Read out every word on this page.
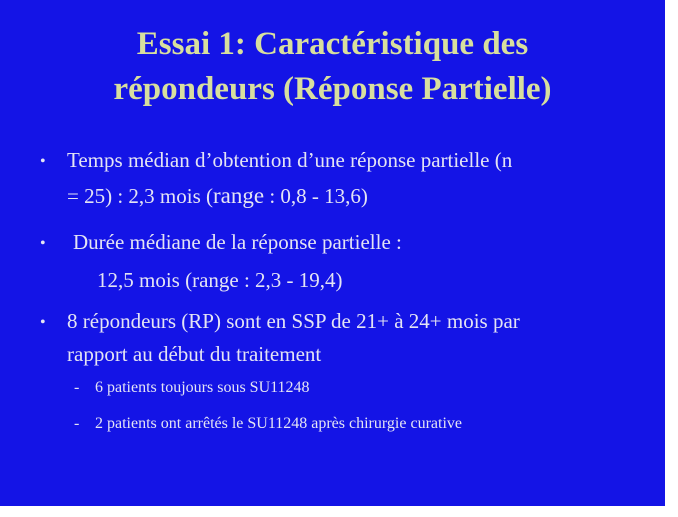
Essai 1: Caractéristique des
répondeurs (Réponse Partielle)
• Temps médian d’obtention d’une réponse partielle (n
= 25) : 2,3 mois (range : 0,8 - 13,6)
• Durée médiane de la réponse partielle :
12,5 mois (range : 2,3 - 19,4)
• 8 répondeurs (RP) sont en SSP de 21+ à 24+ mois par
rapport au début du traitement
- 6 patients toujours sous SU11248
- 2 patients ont arrêtés le SU11248 après chirurgie curative
